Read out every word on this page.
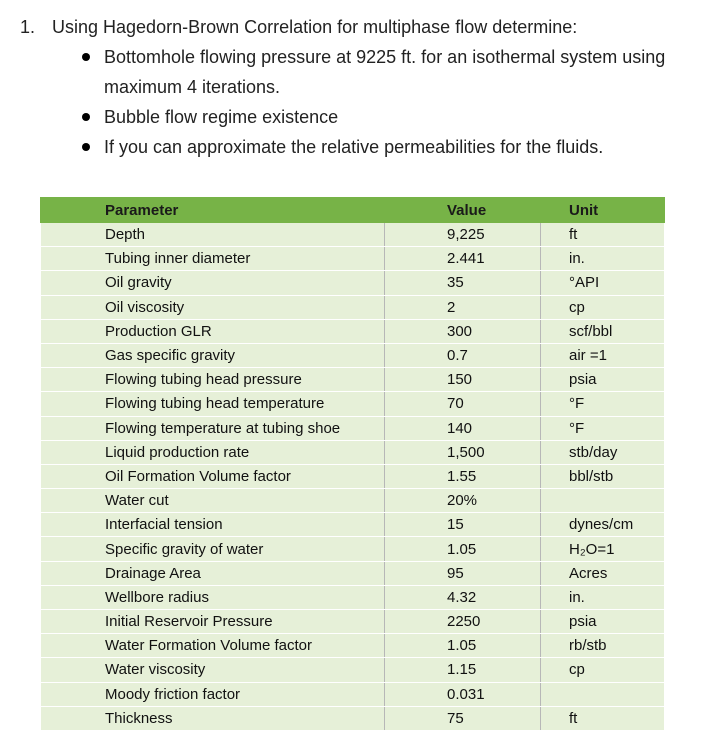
1. Using Hagedorn-Brown Correlation for multiphase flow determine:
Bottomhole flowing pressure at 9225 ft. for an isothermal system using maximum 4 iterations.
Bubble flow regime existence
If you can approximate the relative permeabilities for the fluids.
Parameter	Value	Unit
Depth	9,225	ft
Tubing inner diameter	2.441	in.
Oil gravity	35	°API
Oil viscosity	2	cp
Production GLR	300	scf/bbl
Gas specific gravity	0.7	air =1
Flowing tubing head pressure	150	psia
Flowing tubing head temperature	70	°F
Flowing temperature at tubing shoe	140	°F
Liquid production rate	1,500	stb/day
Oil Formation Volume factor	1.55	bbl/stb
Water cut	20%	
Interfacial tension	15	dynes/cm
Specific gravity of water	1.05	H₂O=1
Drainage Area	95	Acres
Wellbore radius	4.32	in.
Initial Reservoir Pressure	2250	psia
Water Formation Volume factor	1.05	rb/stb
Water viscosity	1.15	cp
Moody friction factor	0.031	
Thickness	75	ft
